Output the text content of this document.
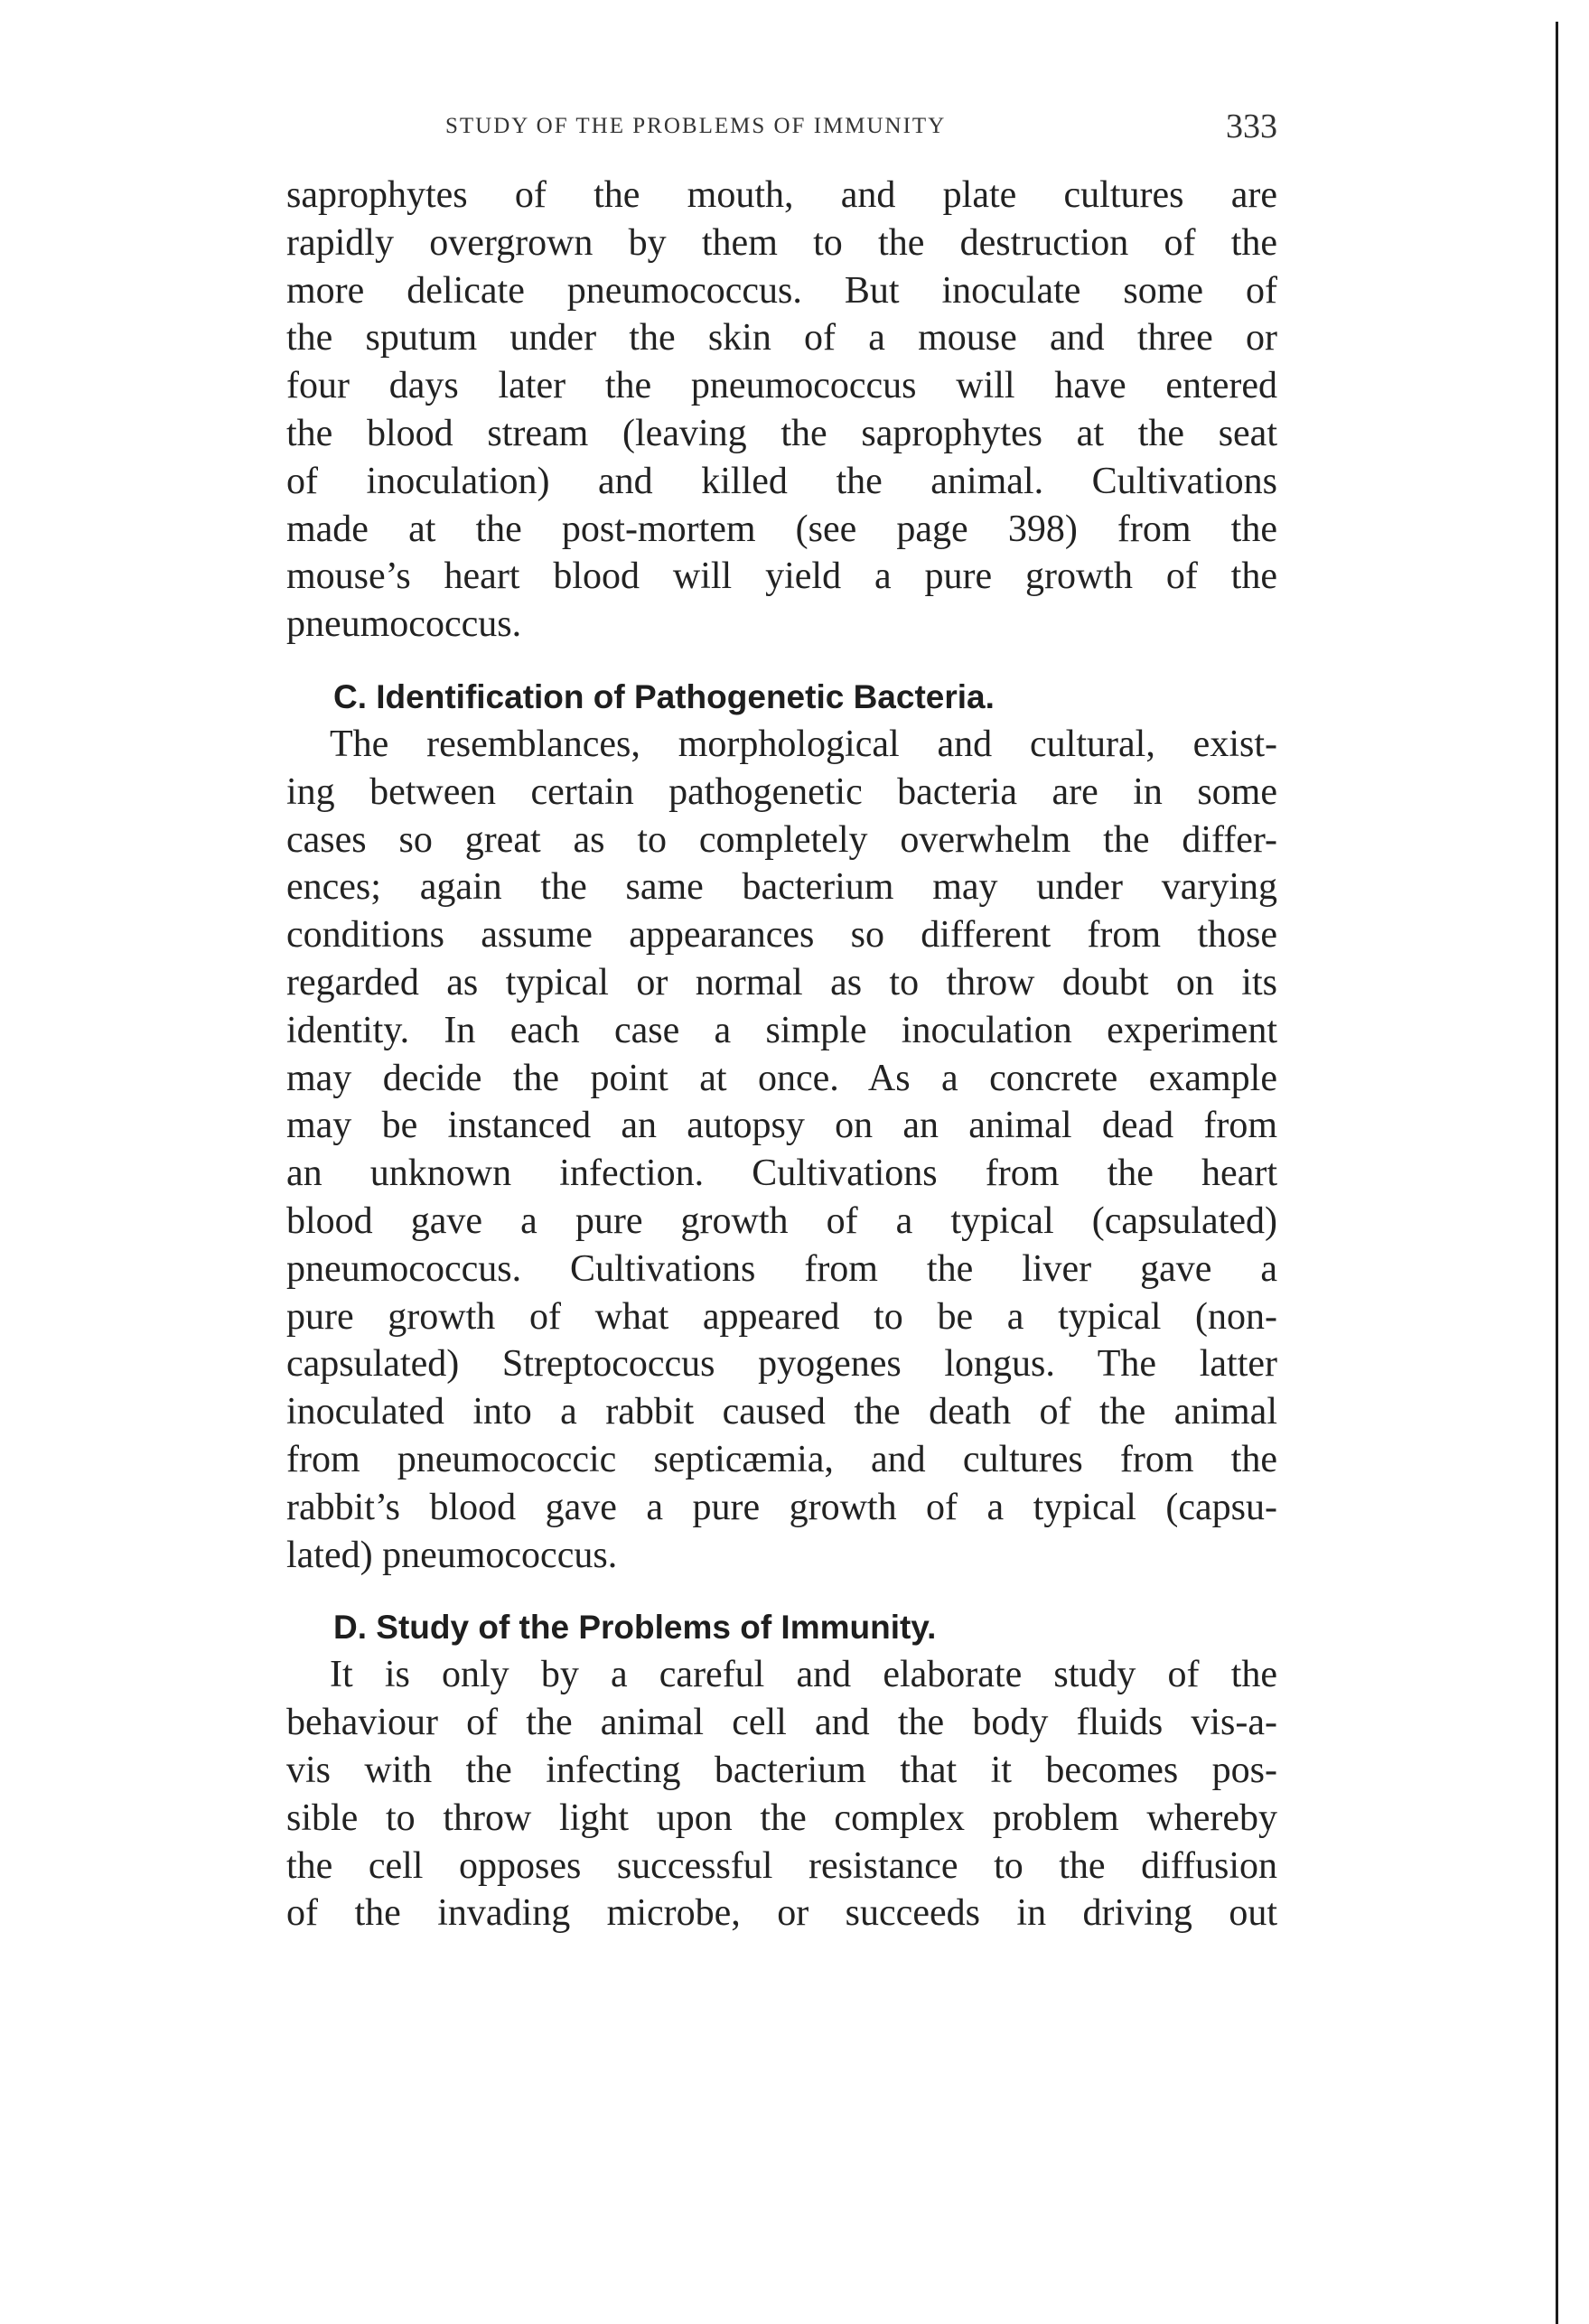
STUDY OF THE PROBLEMS OF IMMUNITY	333
saprophytes of the mouth, and plate cultures are
rapidly overgrown by them to the destruction of the
more delicate pneumococcus. But inoculate some of
the sputum under the skin of a mouse and three or
four days later the pneumococcus will have entered
the blood stream (leaving the saprophytes at the seat
of inoculation) and killed the animal. Cultivations
made at the post-mortem (see page 398) from the
mouse’s heart blood will yield a pure growth of the
pneumococcus.
C. Identification of Pathogenetic Bacteria.
The resemblances, morphological and cultural, exist-
ing between certain pathogenetic bacteria are in some
cases so great as to completely overwhelm the differ-
ences; again the same bacterium may under varying
conditions assume appearances so different from those
regarded as typical or normal as to throw doubt on its
identity. In each case a simple inoculation experiment
may decide the point at once. As a concrete example
may be instanced an autopsy on an animal dead from
an unknown infection. Cultivations from the heart
blood gave a pure growth of a typical (capsulated)
pneumococcus. Cultivations from the liver gave a
pure growth of what appeared to be a typical (non-
capsulated) Streptococcus pyogenes longus. The latter
inoculated into a rabbit caused the death of the animal
from pneumococcic septicæmia, and cultures from the
rabbit’s blood gave a pure growth of a typical (capsu-
lated) pneumococcus.
D. Study of the Problems of Immunity.
It is only by a careful and elaborate study of the
behaviour of the animal cell and the body fluids vis-a-
vis with the infecting bacterium that it becomes pos-
sible to throw light upon the complex problem whereby
the cell opposes successful resistance to the diffusion
of the invading microbe, or succeeds in driving out
